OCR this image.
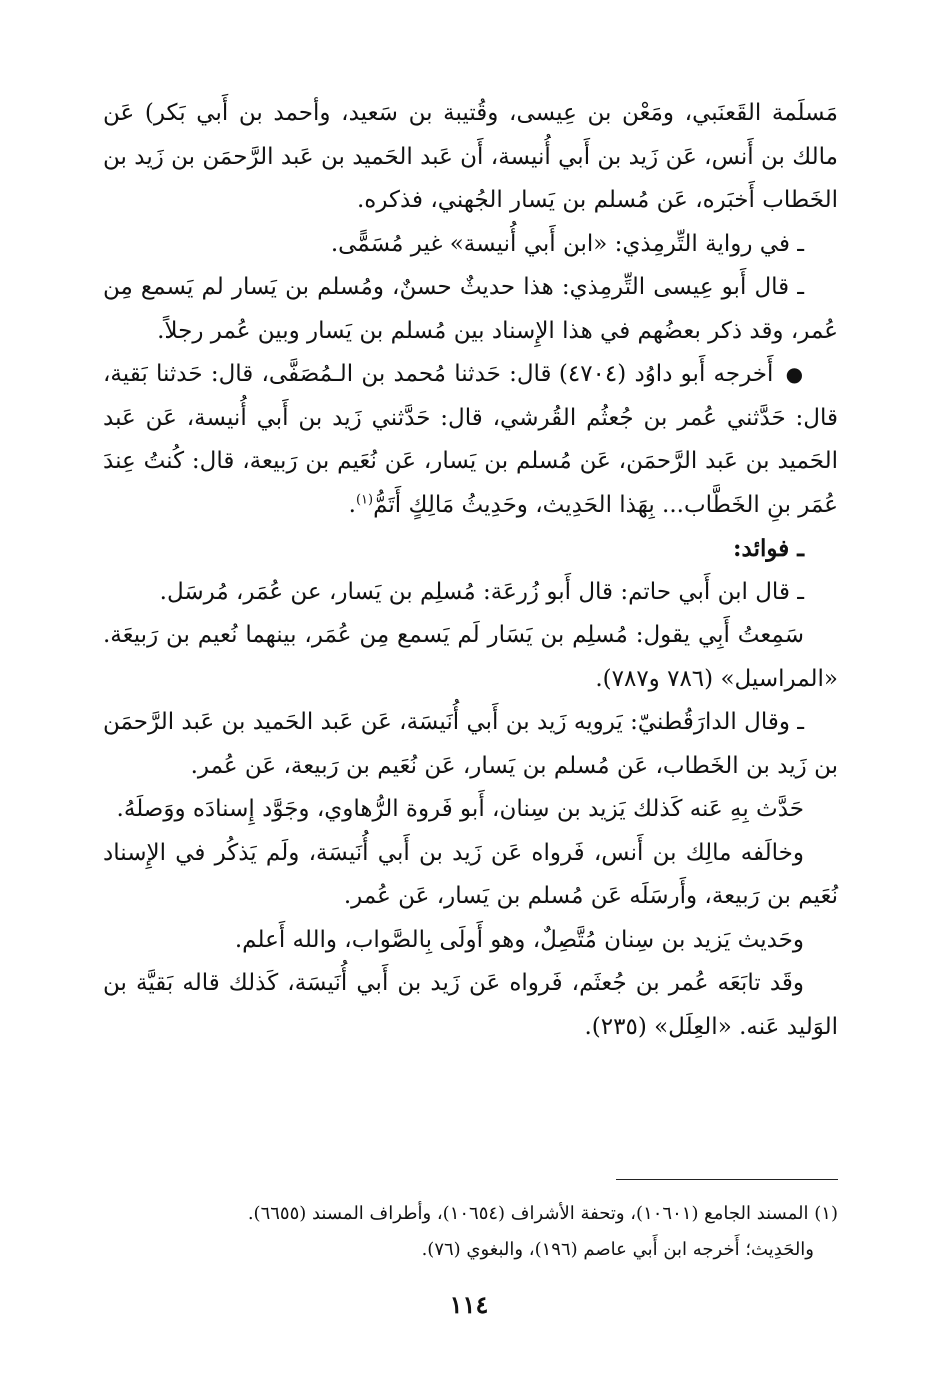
مَسلَمة القَعنَبي، ومَعْن بن عِيسى، وقُتيبة بن سَعيد، وأحمد بن أَبي بَكر) عَن مالك بن أَنس، عَن زَيد بن أَبي أُنيسة، أَن عَبد الحَميد بن عَبد الرَّحمَن بن زَيد بن الخَطاب أَخبَره، عَن مُسلم بن يَسار الجُهني، فذكره.

ـ في رواية التِّرمِذي: «ابن أَبي أُنيسة» غير مُسَمًّى.

ـ قال أَبو عِيسى التِّرمِذي: هذا حديثٌ حسنٌ، ومُسلم بن يَسار لم يَسمع مِن عُمر، وقد ذكر بعضُهم في هذا الإِسناد بين مُسلم بن يَسار وبين عُمر رجلاً.

● أَخرجه أَبو داوُد (٤٧٠٤) قال: حَدثنا مُحمد بن الـمُصَفَّى، قال: حَدثنا بَقية، قال: حَدَّثني عُمر بن جُعثُم القُرشي، قال: حَدَّثني زَيد بن أَبي أُنيسة، عَن عَبد الحَميد بن عَبد الرَّحمَن، عَن مُسلم بن يَسار، عَن نُعَيم بن رَبيعة، قال: كُنتُ عِندَ عُمَر بنِ الخَطَّاب... بِهَذا الحَدِيث، وحَدِيثُ مَالِكٍ أَتَمُّ$^{(١)}$.

ـ فوائد:

ـ قال ابن أَبي حاتم: قال أَبو زُرعَة: مُسلِم بن يَسار، عن عُمَر، مُرسَل.

سَمِعتُ أَبِي يقول: مُسلِم بن يَسَار لَم يَسمع مِن عُمَر، بينهما نُعيم بن رَبيعَة. «المراسيل» (٧٨٦ و٧٨٧).

ـ وقال الدارَقُطنيّ: يَرويه زَيد بن أَبي أُنَيسَة، عَن عَبد الحَميد بن عَبد الرَّحمَن بن زَيد بن الخَطاب، عَن مُسلم بن يَسار، عَن نُعَيم بن رَبيعة، عَن عُمر.

حَدَّث بِهِ عَنه كَذلك يَزيد بن سِنان، أَبو فَروة الرُّهاوي، وجَوَّد إِسنادَه ووَصلَهُ.

وخالَفه مالِك بن أَنس، فَرواه عَن زَيد بن أَبي أُنَيسَة، ولَم يَذكُر في الإِسناد نُعَيم بن رَبيعة، وأَرسَلَه عَن مُسلم بن يَسار، عَن عُمر.

وحَديث يَزيد بن سِنان مُتَّصِلٌ، وهو أَولَى بِالصَّواب، والله أَعلم.

وقَد تابَعَه عُمر بن جُعثَم، فَرواه عَن زَيد بن أَبي أُنَيسَة، كَذلك قاله بَقيَّة بن الوَليد عَنه. «العِلَل» (٢٣٥).

(١) المسند الجامع (١٠٦٠١)، وتحفة الأشراف (١٠٦٥٤)، وأطراف المسند (٦٦٥٥).

والحَدِيث؛ أَخرجه ابن أَبي عاصم (١٩٦)، والبغوي (٧٦).

١١٤
